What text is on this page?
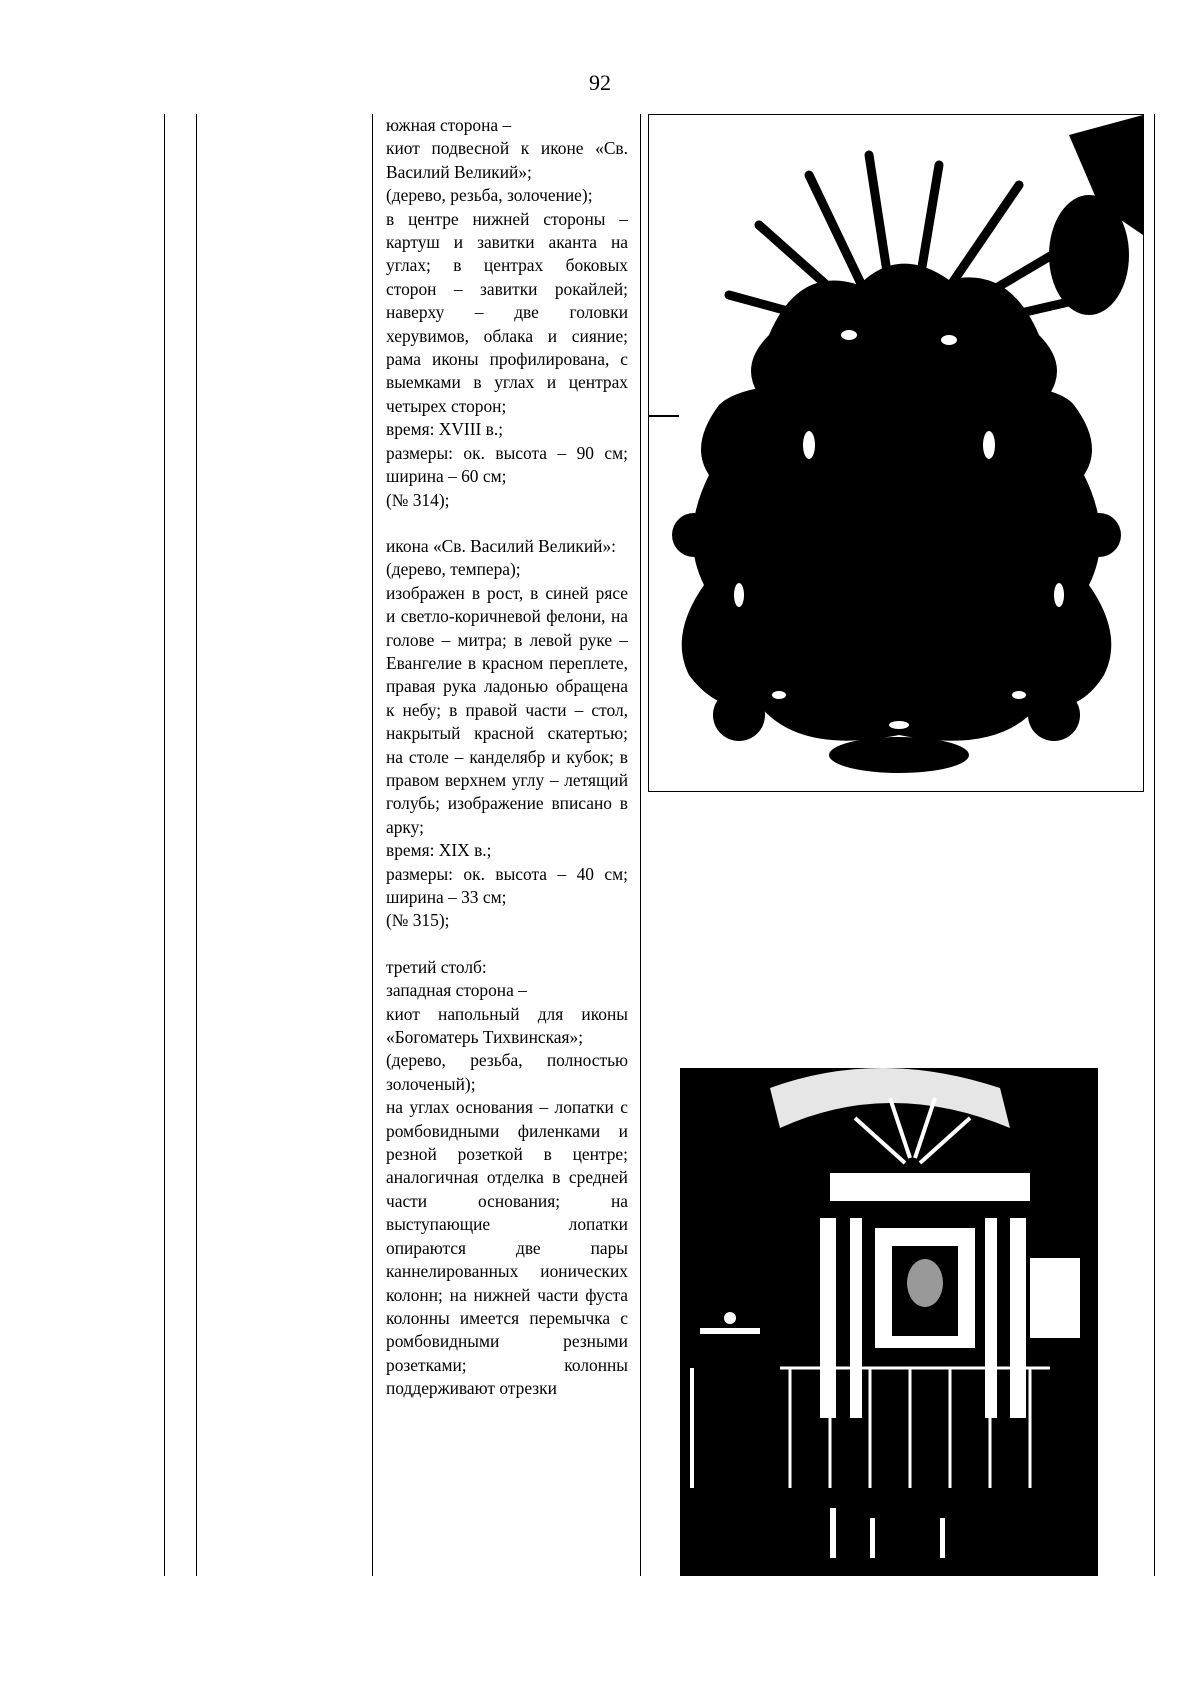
92

южная сторона –

киот подвесной к иконе «Св. Василий Великий»;

(дерево, резьба, золочение);

в центре нижней стороны – картуш и завитки аканта на углах; в центрах боковых сторон – завитки рокайлей; наверху – две головки херувимов, облака и сияние; рама иконы профилирована, с выемками в углах и центрах четырех сторон;

время: XVIII в.;

размеры: ок. высота – 90 см; ширина – 60 см;

(№ 314);

икона «Св. Василий Великий»:

(дерево, темпера);

изображен в рост, в синей рясе и светло-коричневой фелони, на голове – митра; в левой руке – Евангелие в красном переплете, правая рука ладонью обращена к небу; в правой части – стол, накрытый красной скатертью; на столе – канделябр и кубок; в правом верхнем углу – летящий голубь; изображение вписано в арку;

время: XIX в.;

размеры: ок. высота – 40 см; ширина – 33 см;

(№ 315);

третий столб:

западная сторона –

киот напольный для иконы «Богоматерь Тихвинская»;

(дерево, резьба, полностью золоченый);

на углах основания – лопатки с ромбовидными филенками и резной розеткой в центре; аналогичная отделка в средней части основания; на выступающие лопатки опираются две пары каннелированных ионических колонн; на нижней части фуста колонны имеется перемычка с ромбовидными резными розетками; колонны поддерживают отрезки
